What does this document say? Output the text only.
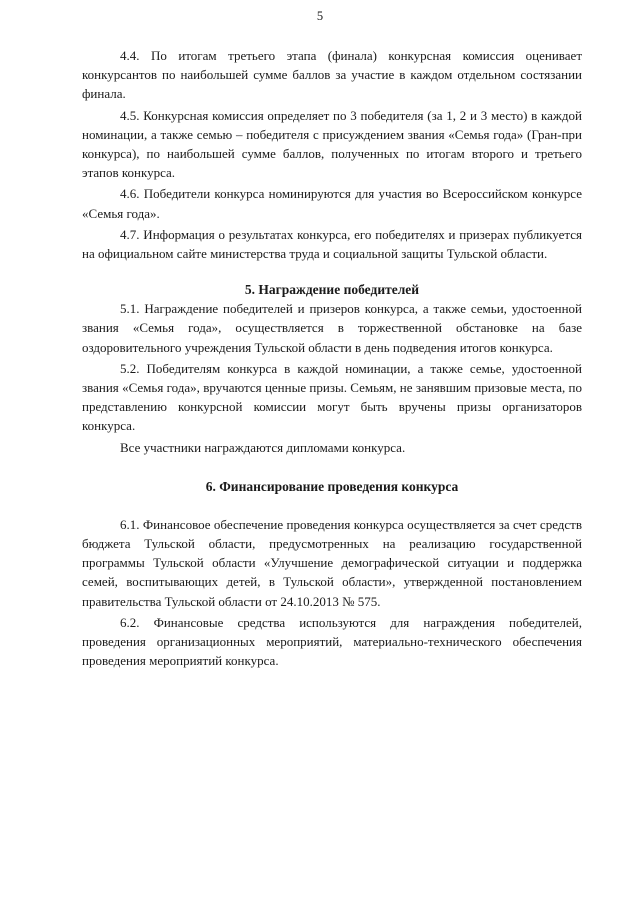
5

4.4. По итогам третьего этапа (финала) конкурсная комиссия оценивает конкурсантов по наибольшей сумме баллов за участие в каждом отдельном состязании финала.

4.5. Конкурсная комиссия определяет по 3 победителя (за 1, 2 и 3 место) в каждой номинации, а также семью – победителя с присуждением звания «Семья года» (Гран-при конкурса), по наибольшей сумме баллов, полученных по итогам второго и третьего этапов конкурса.

4.6. Победители конкурса номинируются для участия во Всероссийском конкурсе «Семья года».

4.7. Информация о результатах конкурса, его победителях и призерах публикуется на официальном сайте министерства труда и социальной защиты Тульской области.

5. Награждение победителей

5.1. Награждение победителей и призеров конкурса, а также семьи, удостоенной звания «Семья года», осуществляется в торжественной обстановке на базе оздоровительного учреждения Тульской области в день подведения итогов конкурса.

5.2. Победителям конкурса в каждой номинации, а также семье, удостоенной звания «Семья года», вручаются ценные призы. Семьям, не занявшим призовые места, по представлению конкурсной комиссии могут быть вручены призы организаторов конкурса.

Все участники награждаются дипломами конкурса.

6. Финансирование проведения конкурса

6.1. Финансовое обеспечение проведения конкурса осуществляется за счет средств бюджета Тульской области, предусмотренных на реализацию государственной программы Тульской области «Улучшение демографической ситуации и поддержка семей, воспитывающих детей, в Тульской области», утвержденной постановлением правительства Тульской области от 24.10.2013 № 575.

6.2. Финансовые средства используются для награждения победителей, проведения организационных мероприятий, материально-технического обеспечения проведения мероприятий конкурса.
